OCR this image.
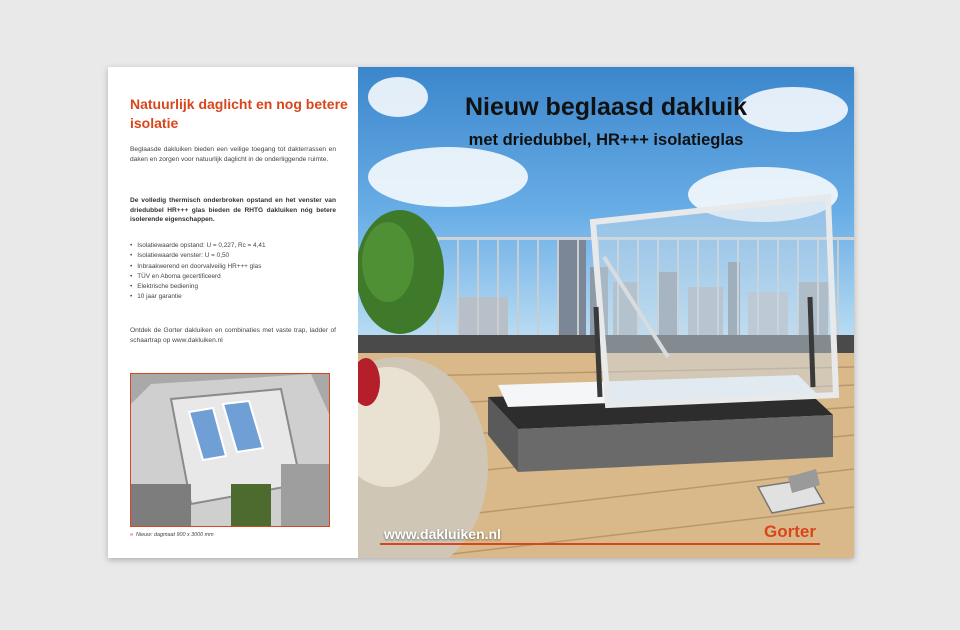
Natuurlijk daglicht en nog betere isolatie

Beglaasde dakluiken bieden een veilige toegang tot dakterrassen en daken en zorgen voor natuurlijk daglicht in de onderliggende ruimte.

De volledig thermisch onderbroken opstand en het venster van driedubbel HR+++ glas bieden de RHTG dakluiken nóg betere isolerende eigenschappen.

• Isolatiewaarde opstand: U = 0,227, Rc = 4,41
• Isolatiewaarde venster: U = 0,50
• Inbraakwerend en doorvalveilig HR+++ glas
• TÜV en Aboma gecertificeerd
• Elektrische bediening
• 10 jaar garantie

Ontdek de Gorter dakluiken en combinaties met vaste trap, ladder of schaartrap op www.dakluiken.nl

» Nieuw: dagmaat 900 x 3000 mm

Nieuw beglaasd dakluik
met driedubbel, HR+++ isolatieglas

www.dakluiken.nl	Gorter
